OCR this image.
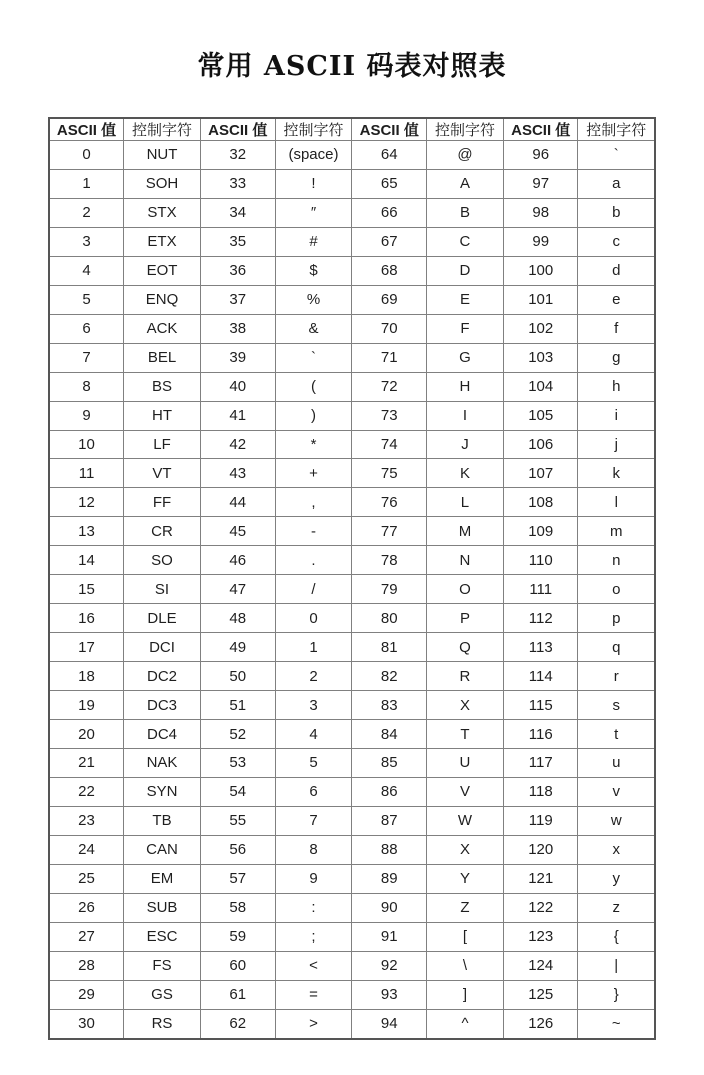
常用 ASCII 码表对照表
ASCII 值	控制字符	ASCII 值	控制字符	ASCII 值	控制字符	ASCII 值	控制字符
0	NUT	32	(space)	64	@	96	`
1	SOH	33	!	65	A	97	a
2	STX	34	″	66	B	98	b
3	ETX	35	#	67	C	99	c
4	EOT	36	$	68	D	100	d
5	ENQ	37	%	69	E	101	e
6	ACK	38	&	70	F	102	f
7	BEL	39	`	71	G	103	g
8	BS	40	(	72	H	104	h
9	HT	41	)	73	I	105	i
10	LF	42	*	74	J	106	j
11	VT	43	+	75	K	107	k
12	FF	44	,	76	L	108	l
13	CR	45	-	77	M	109	m
14	SO	46	.	78	N	110	n
15	SI	47	/	79	O	111	o
16	DLE	48	0	80	P	112	p
17	DCI	49	1	81	Q	113	q
18	DC2	50	2	82	R	114	r
19	DC3	51	3	83	X	115	s
20	DC4	52	4	84	T	116	t
21	NAK	53	5	85	U	117	u
22	SYN	54	6	86	V	118	v
23	TB	55	7	87	W	119	w
24	CAN	56	8	88	X	120	x
25	EM	57	9	89	Y	121	y
26	SUB	58	:	90	Z	122	z
27	ESC	59	;	91	[	123	{
28	FS	60	<	92	\	124	|
29	GS	61	=	93	]	125	}
30	RS	62	>	94	^	126	~
